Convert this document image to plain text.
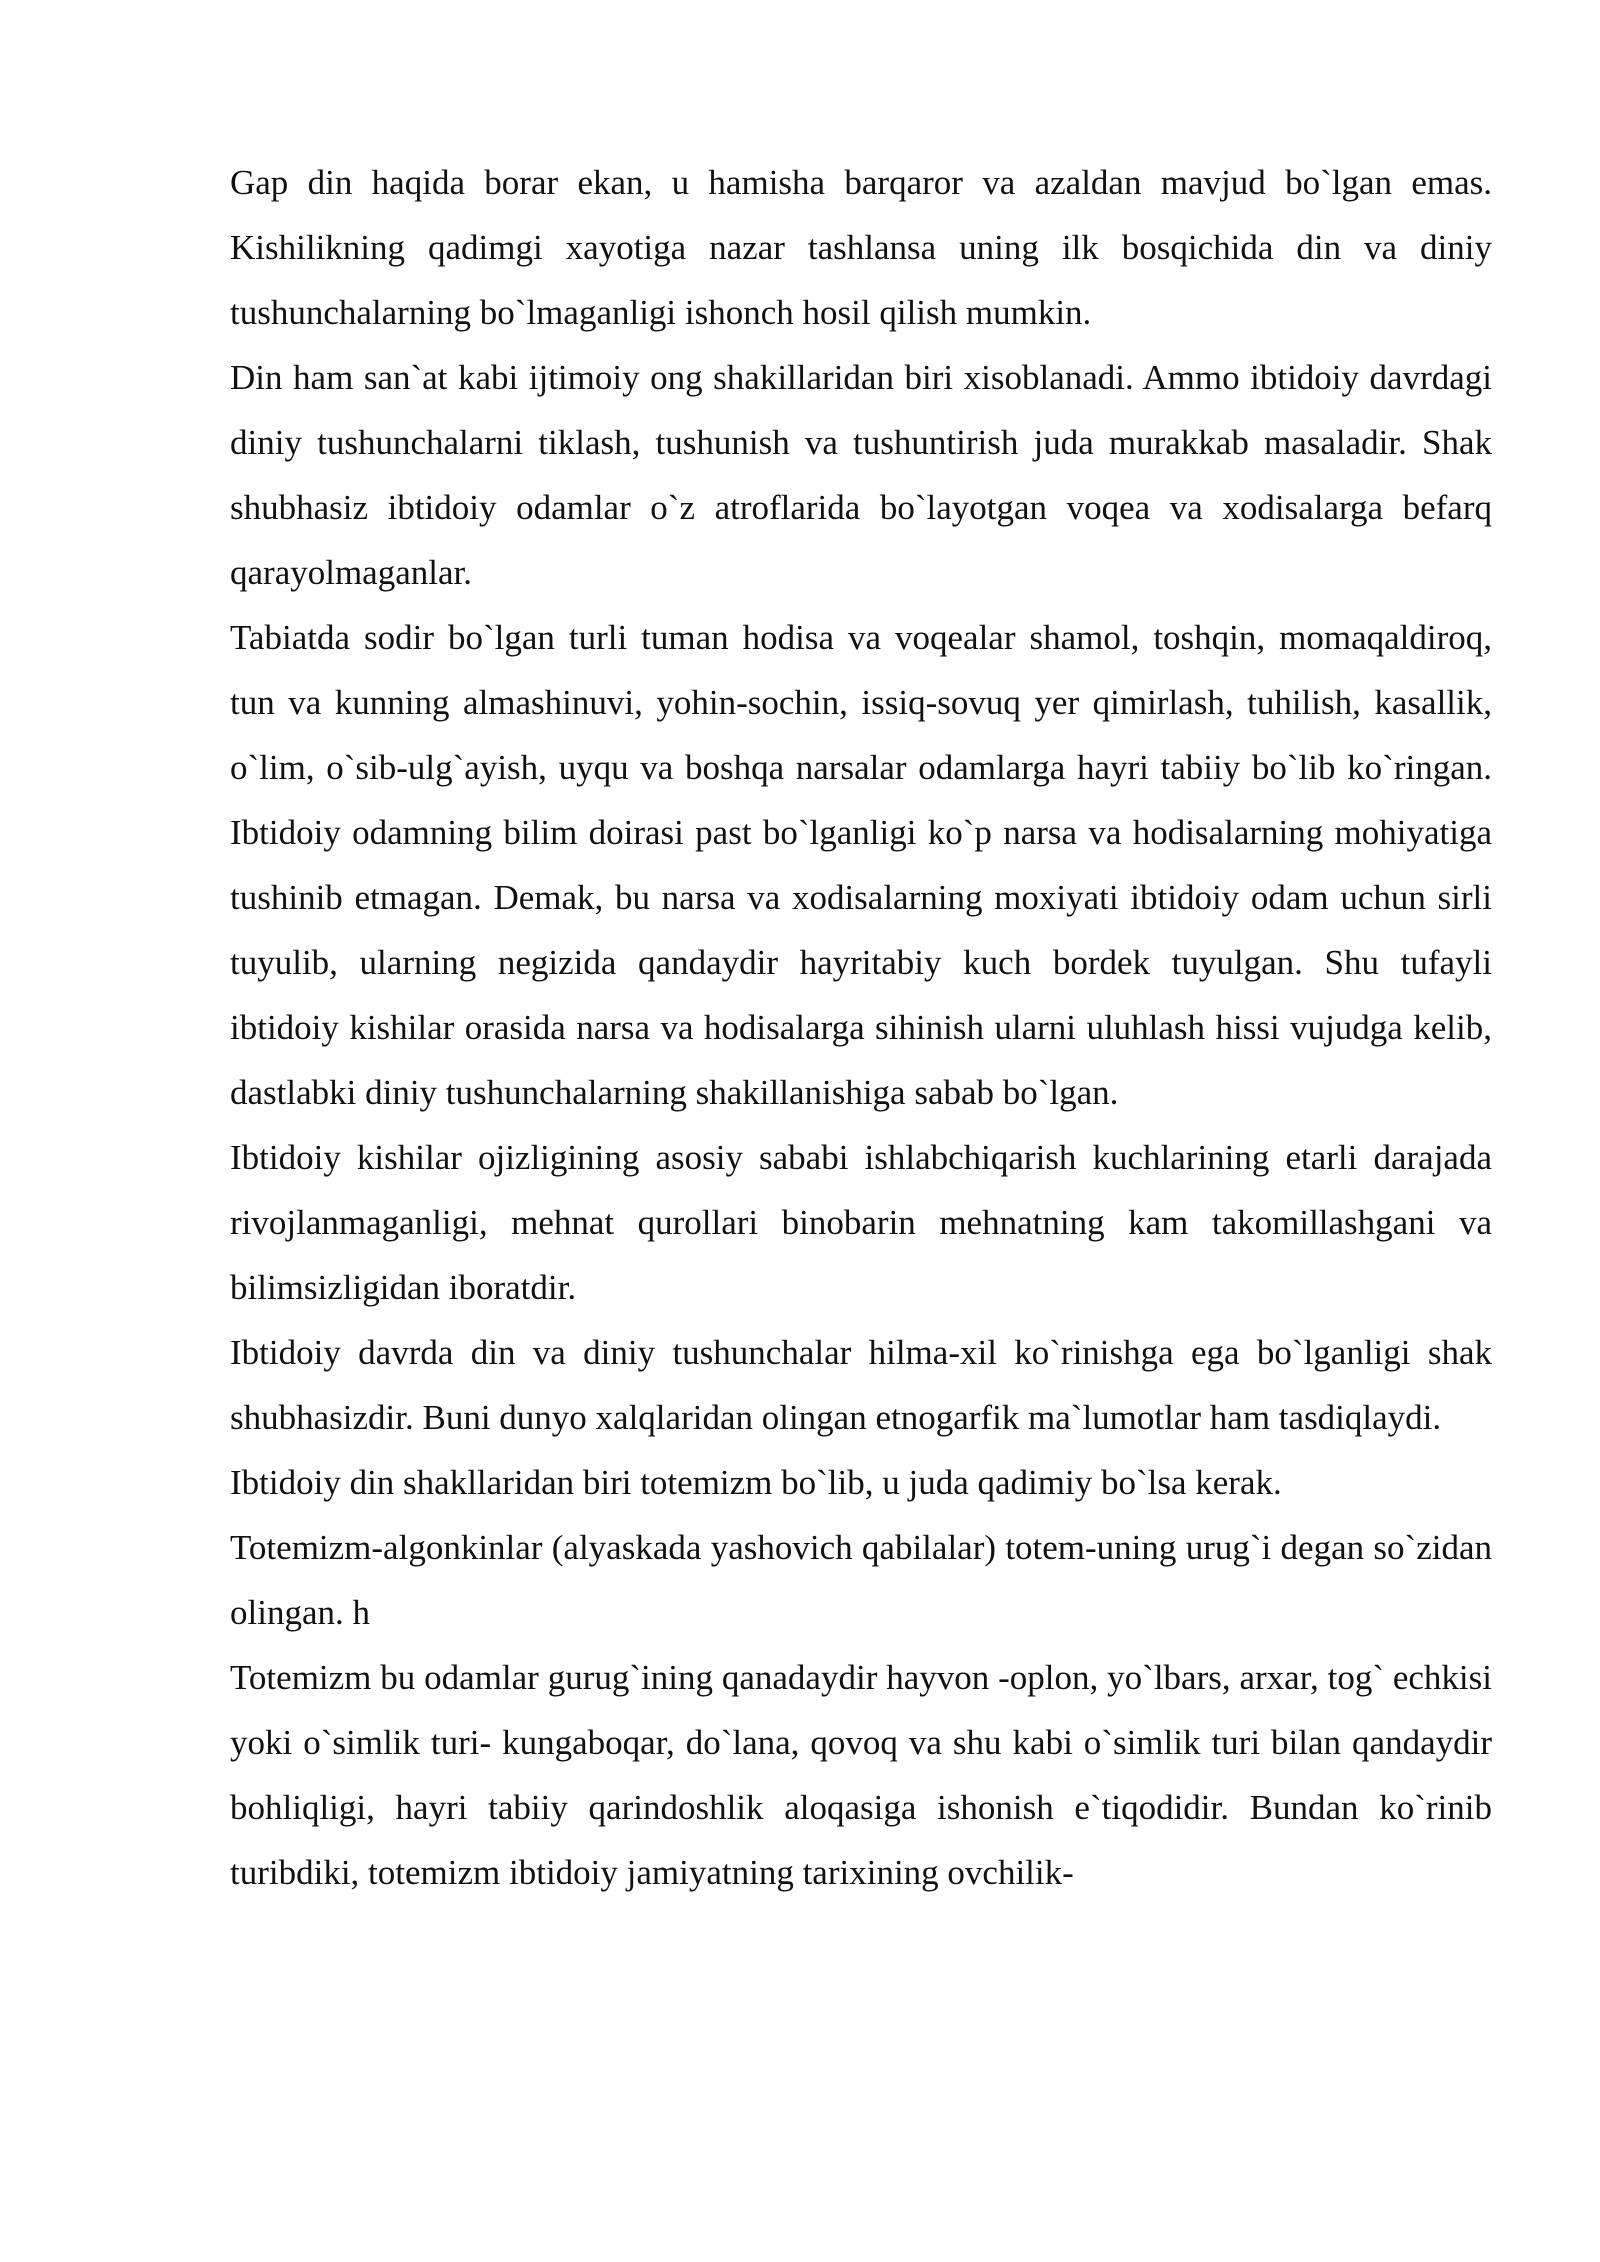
Gap din haqida borar ekan, u hamisha barqaror va azaldan mavjud bo`lgan emas. Kishilikning qadimgi xayotiga nazar tashlansa uning ilk bosqichida din va diniy tushunchalarning bo`lmaganligi ishonch hosil qilish mumkin.

Din ham san`at kabi ijtimoiy ong shakillaridan biri xisoblanadi. Ammo ibtidoiy davrdagi diniy tushunchalarni tiklash, tushunish va tushuntirish juda murakkab masaladir. Shak shubhasiz ibtidoiy odamlar o`z atroflarida bo`layotgan voqea va xodisalarga befarq qarayolmaganlar.

Tabiatda sodir bo`lgan turli tuman hodisa va voqealar shamol, toshqin, momaqaldiroq, tun va kunning almashinuvi, yohin-sochin, issiq-sovuq yer qimirlash, tuhilish, kasallik, o`lim, o`sib-ulg`ayish, uyqu va boshqa narsalar odamlarga hayri tabiiy bo`lib ko`ringan. Ibtidoiy odamning bilim doirasi past bo`lganligi ko`p narsa va hodisalarning mohiyatiga tushinib etmagan. Demak, bu narsa va xodisalarning moxiyati ibtidoiy odam uchun sirli tuyulib, ularning negizida qandaydir hayritabiy kuch bordek tuyulgan. Shu tufayli ibtidoiy kishilar orasida narsa va hodisalarga sihinish ularni uluhlash hissi vujudga kelib, dastlabki diniy tushunchalarning shakillanishiga sabab bo`lgan.

Ibtidoiy kishilar ojizligining asosiy sababi ishlabchiqarish kuchlarining etarli darajada rivojlanmaganligi, mehnat qurollari binobarin mehnatning kam takomillashgani va bilimsizligidan iboratdir.

Ibtidoiy davrda din va diniy tushunchalar hilma-xil ko`rinishga ega bo`lganligi shak shubhasizdir. Buni dunyo xalqlaridan olingan etnogarfik ma`lumotlar ham tasdiqlaydi.

Ibtidoiy din shakllaridan biri totemizm bo`lib, u juda qadimiy bo`lsa kerak.

Totemizm-algonkinlar (alyaskada yashovich qabilalar) totem-uning urug`i degan so`zidan olingan. h

Totemizm bu odamlar gurug`ining qanadaydir hayvon -oplon, yo`lbars, arxar, tog` echkisi yoki o`simlik turi- kungaboqar, do`lana, qovoq va shu kabi o`simlik turi bilan qandaydir bohliqligi, hayri tabiiy qarindoshlik aloqasiga ishonish e`tiqodidir. Bundan ko`rinib turibdiki, totemizm ibtidoiy jamiyatning tarixining ovchilik-
